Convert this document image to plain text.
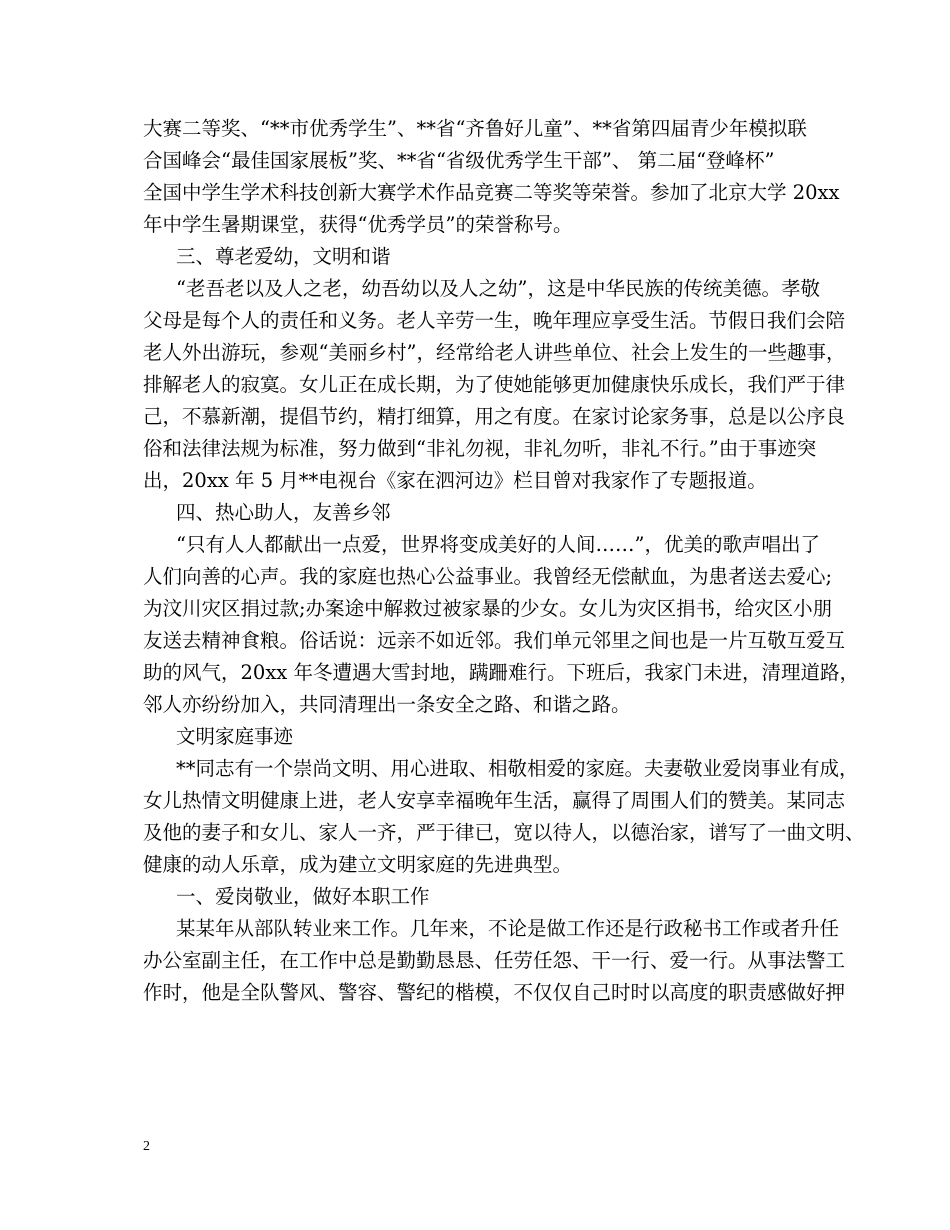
大赛二等奖、“**市优秀学生”、**省“齐鲁好儿童”、**省第四届青少年模拟联
合国峰会“最佳国家展板”奖、**省“省级优秀学生干部”、 第二届“登峰杯”
全国中学生学术科技创新大赛学术作品竞赛二等奖等荣誉。参加了北京大学 20xx
年中学生暑期课堂，获得“优秀学员”的荣誉称号。
三、尊老爱幼，文明和谐
“老吾老以及人之老，幼吾幼以及人之幼”，这是中华民族的传统美德。孝敬
父母是每个人的责任和义务。老人辛劳一生，晚年理应享受生活。节假日我们会陪
老人外出游玩，参观“美丽乡村”，经常给老人讲些单位、社会上发生的一些趣事，
排解老人的寂寞。女儿正在成长期，为了使她能够更加健康快乐成长，我们严于律
己，不慕新潮，提倡节约，精打细算，用之有度。在家讨论家务事，总是以公序良
俗和法律法规为标准，努力做到“非礼勿视，非礼勿听，非礼不行。”由于事迹突
出，20xx 年 5 月**电视台《家在泗河边》栏目曾对我家作了专题报道。
四、热心助人，友善乡邻
“只有人人都献出一点爱，世界将变成美好的人间……”，优美的歌声唱出了
人们向善的心声。我的家庭也热心公益事业。我曾经无偿献血，为患者送去爱心;
为汶川灾区捐过款;办案途中解救过被家暴的少女。女儿为灾区捐书，给灾区小朋
友送去精神食粮。俗话说：远亲不如近邻。我们单元邻里之间也是一片互敬互爱互
助的风气，20xx 年冬遭遇大雪封地，蹒跚难行。下班后，我家门未进，清理道路，
邻人亦纷纷加入，共同清理出一条安全之路、和谐之路。
文明家庭事迹
**同志有一个崇尚文明、用心进取、相敬相爱的家庭。夫妻敬业爱岗事业有成，
女儿热情文明健康上进，老人安享幸福晚年生活，赢得了周围人们的赞美。某同志
及他的妻子和女儿、家人一齐，严于律已，宽以待人，以德治家，谱写了一曲文明、
健康的动人乐章，成为建立文明家庭的先进典型。
一、爱岗敬业，做好本职工作
某某年从部队转业来工作。几年来，不论是做工作还是行政秘书工作或者升任
办公室副主任，在工作中总是勤勤恳恳、任劳任怨、干一行、爱一行。从事法警工
作时，他是全队警风、警容、警纪的楷模，不仅仅自己时时以高度的职责感做好押
2
